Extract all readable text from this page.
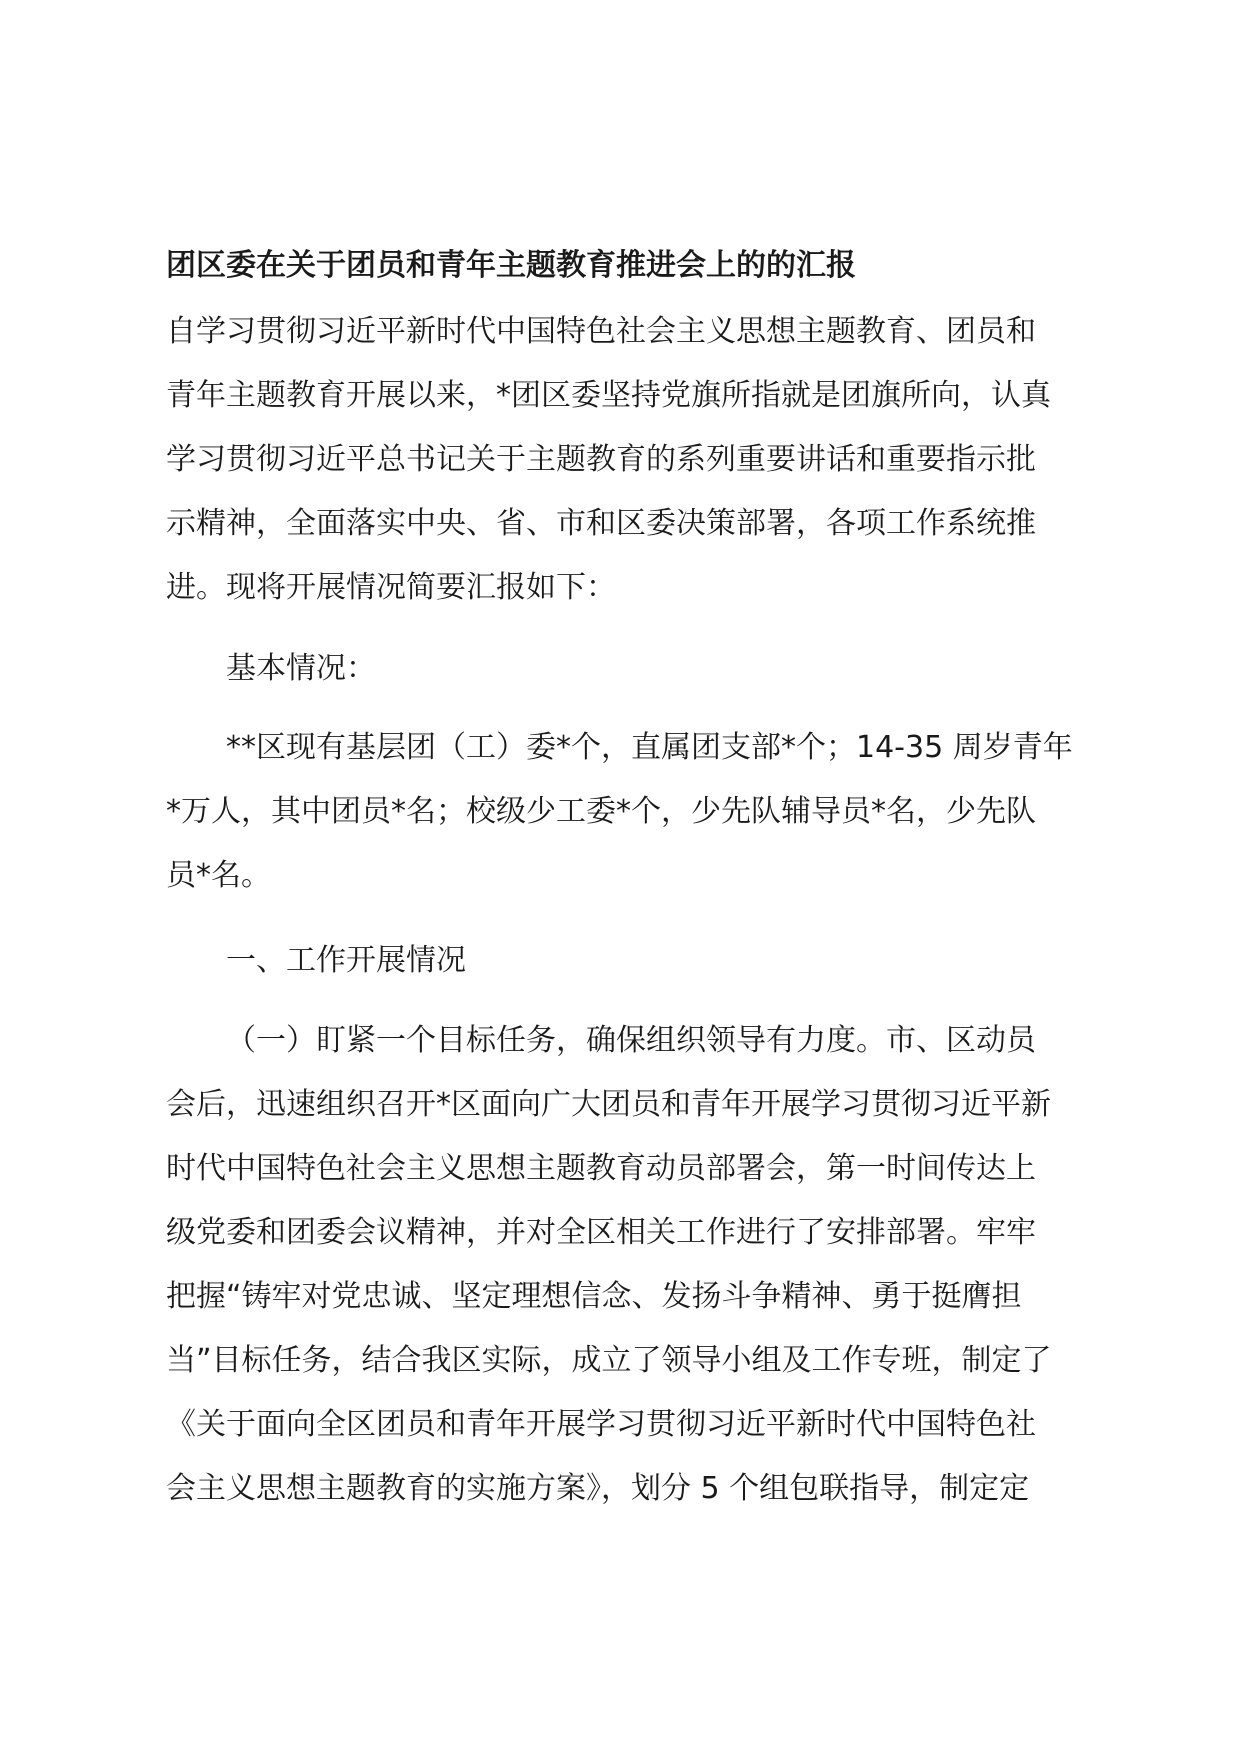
团区委在关于团员和青年主题教育推进会上的的汇报
自学习贯彻习近平新时代中国特色社会主义思想主题教育、团员和
青年主题教育开展以来，*团区委坚持党旗所指就是团旗所向，认真
学习贯彻习近平总书记关于主题教育的系列重要讲话和重要指示批
示精神，全面落实中央、省、市和区委决策部署，各项工作系统推
进。现将开展情况简要汇报如下：
基本情况：
**区现有基层团（工）委*个，直属团支部*个；14-35 周岁青年
*万人，其中团员*名；校级少工委*个，少先队辅导员*名，少先队
员*名。
一、工作开展情况
（一）盯紧一个目标任务，确保组织领导有力度。市、区动员
会后，迅速组织召开*区面向广大团员和青年开展学习贯彻习近平新
时代中国特色社会主义思想主题教育动员部署会，第一时间传达上
级党委和团委会议精神，并对全区相关工作进行了安排部署。牢牢
把握“铸牢对党忠诚、坚定理想信念、发扬斗争精神、勇于挺膺担
当”目标任务，结合我区实际，成立了领导小组及工作专班，制定了
《关于面向全区团员和青年开展学习贯彻习近平新时代中国特色社
会主义思想主题教育的实施方案》，划分 5 个组包联指导，制定定
